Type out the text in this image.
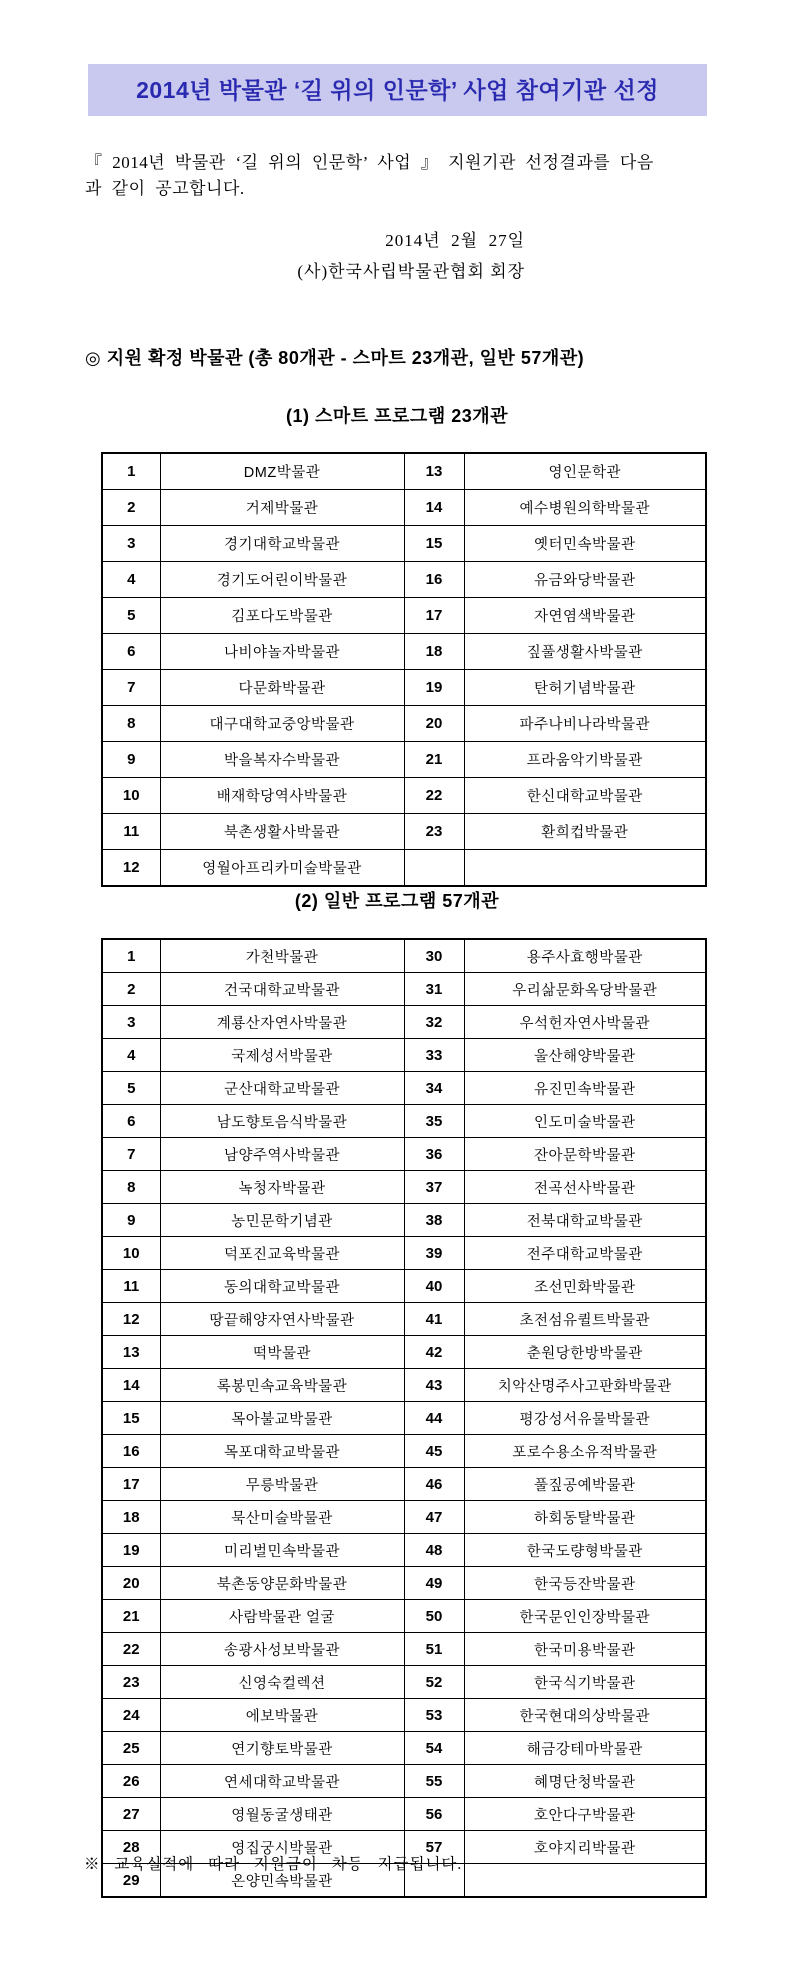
2014년 박물관 ‘길 위의 인문학’ 사업 참여기관 선정
『 2014년 박물관 ‘길 위의 인문학’ 사업 』 지원기관 선정결과를 다음
과 같이 공고합니다.
2014년  2월  27일
(사)한국사립박물관협회 회장
◎ 지원 확정 박물관 (총 80개관 - 스마트 23개관, 일반 57개관)
(1) 스마트 프로그램 23개관
1	DMZ박물관	13	영인문학관
2	거제박물관	14	예수병원의학박물관
3	경기대학교박물관	15	옛터민속박물관
4	경기도어린이박물관	16	유금와당박물관
5	김포다도박물관	17	자연염색박물관
6	나비야놀자박물관	18	짚풀생활사박물관
7	다문화박물관	19	탄허기념박물관
8	대구대학교중앙박물관	20	파주나비나라박물관
9	박을복자수박물관	21	프라움악기박물관
10	배재학당역사박물관	22	한신대학교박물관
11	북촌생활사박물관	23	환희컵박물관
12	영월아프리카미술박물관		
(2) 일반 프로그램 57개관
1	가천박물관	30	용주사효행박물관
2	건국대학교박물관	31	우리삶문화옥당박물관
3	계룡산자연사박물관	32	우석헌자연사박물관
4	국제성서박물관	33	울산해양박물관
5	군산대학교박물관	34	유진민속박물관
6	남도향토음식박물관	35	인도미술박물관
7	남양주역사박물관	36	잔아문학박물관
8	녹청자박물관	37	전곡선사박물관
9	농민문학기념관	38	전북대학교박물관
10	덕포진교육박물관	39	전주대학교박물관
11	동의대학교박물관	40	조선민화박물관
12	땅끝해양자연사박물관	41	초전섬유퀼트박물관
13	떡박물관	42	춘원당한방박물관
14	록봉민속교육박물관	43	치악산명주사고판화박물관
15	목아불교박물관	44	평강성서유물박물관
16	목포대학교박물관	45	포로수용소유적박물관
17	무릉박물관	46	풀짚공예박물관
18	묵산미술박물관	47	하회동탈박물관
19	미리벌민속박물관	48	한국도량형박물관
20	북촌동양문화박물관	49	한국등잔박물관
21	사람박물관 얼굴	50	한국문인인장박물관
22	송광사성보박물관	51	한국미용박물관
23	신영숙컬렉션	52	한국식기박물관
24	에보박물관	53	한국현대의상박물관
25	연기향토박물관	54	해금강테마박물관
26	연세대학교박물관	55	혜명단청박물관
27	영월동굴생태관	56	호안다구박물관
28	영집궁시박물관	57	호야지리박물관
29	온양민속박물관		
※ 교육실적에 따라 지원금이 차등 지급됩니다.
